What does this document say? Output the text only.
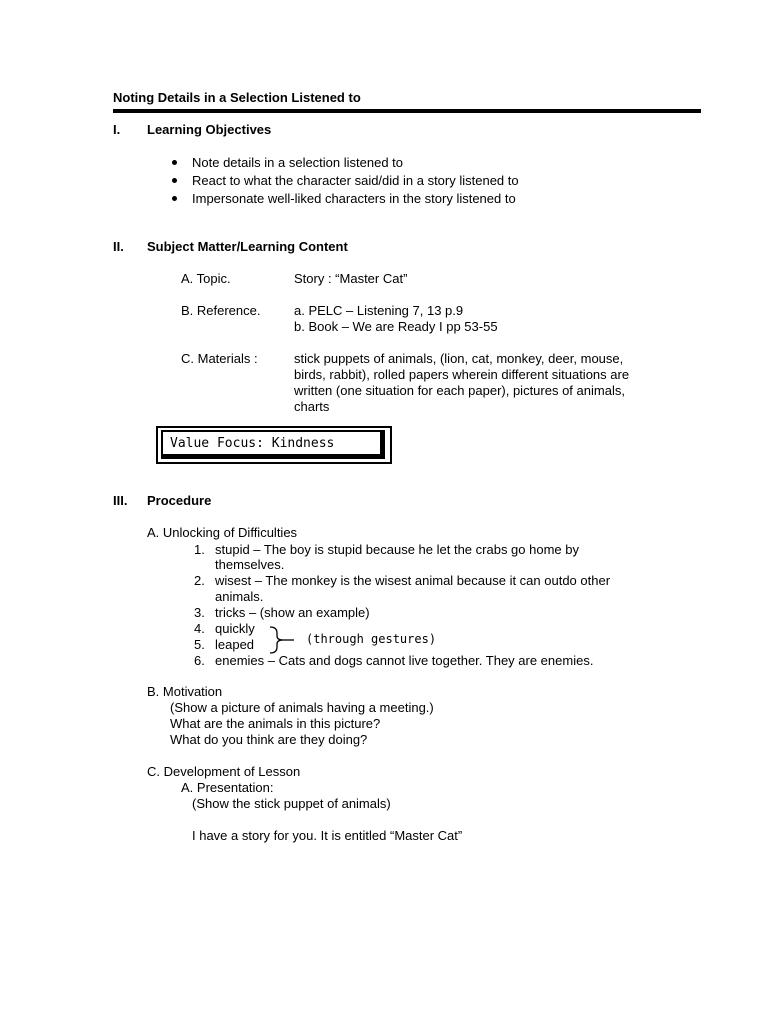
Noting Details in a Selection Listened to
I. Learning Objectives
Note details in a selection listened to
React to what the character said/did in a story listened to
Impersonate well-liked characters in the story listened to
II. Subject Matter/Learning Content
A. Topic.	Story : “Master Cat”
B. Reference.	a. PELC – Listening 7, 13 p.9
b. Book – We are Ready I pp 53-55
C. Materials :	stick puppets of animals, (lion, cat, monkey, deer, mouse,
birds, rabbit), rolled papers wherein different situations are
written (one situation for each paper), pictures of animals,
charts
Value Focus: Kindness
III. Procedure
A. Unlocking of Difficulties
1. stupid – The boy is stupid because he let the crabs go home by
themselves.
2. wisest – The monkey is the wisest animal because it can outdo other
animals.
3. tricks – (show an example)
4. quickly
5. leaped	(through gestures)
6. enemies – Cats and dogs cannot live together. They are enemies.
B. Motivation
(Show a picture of animals having a meeting.)
What are the animals in this picture?
What do you think are they doing?
C. Development of Lesson
A. Presentation:
(Show the stick puppet of animals)
I have a story for you. It is entitled “Master Cat”
